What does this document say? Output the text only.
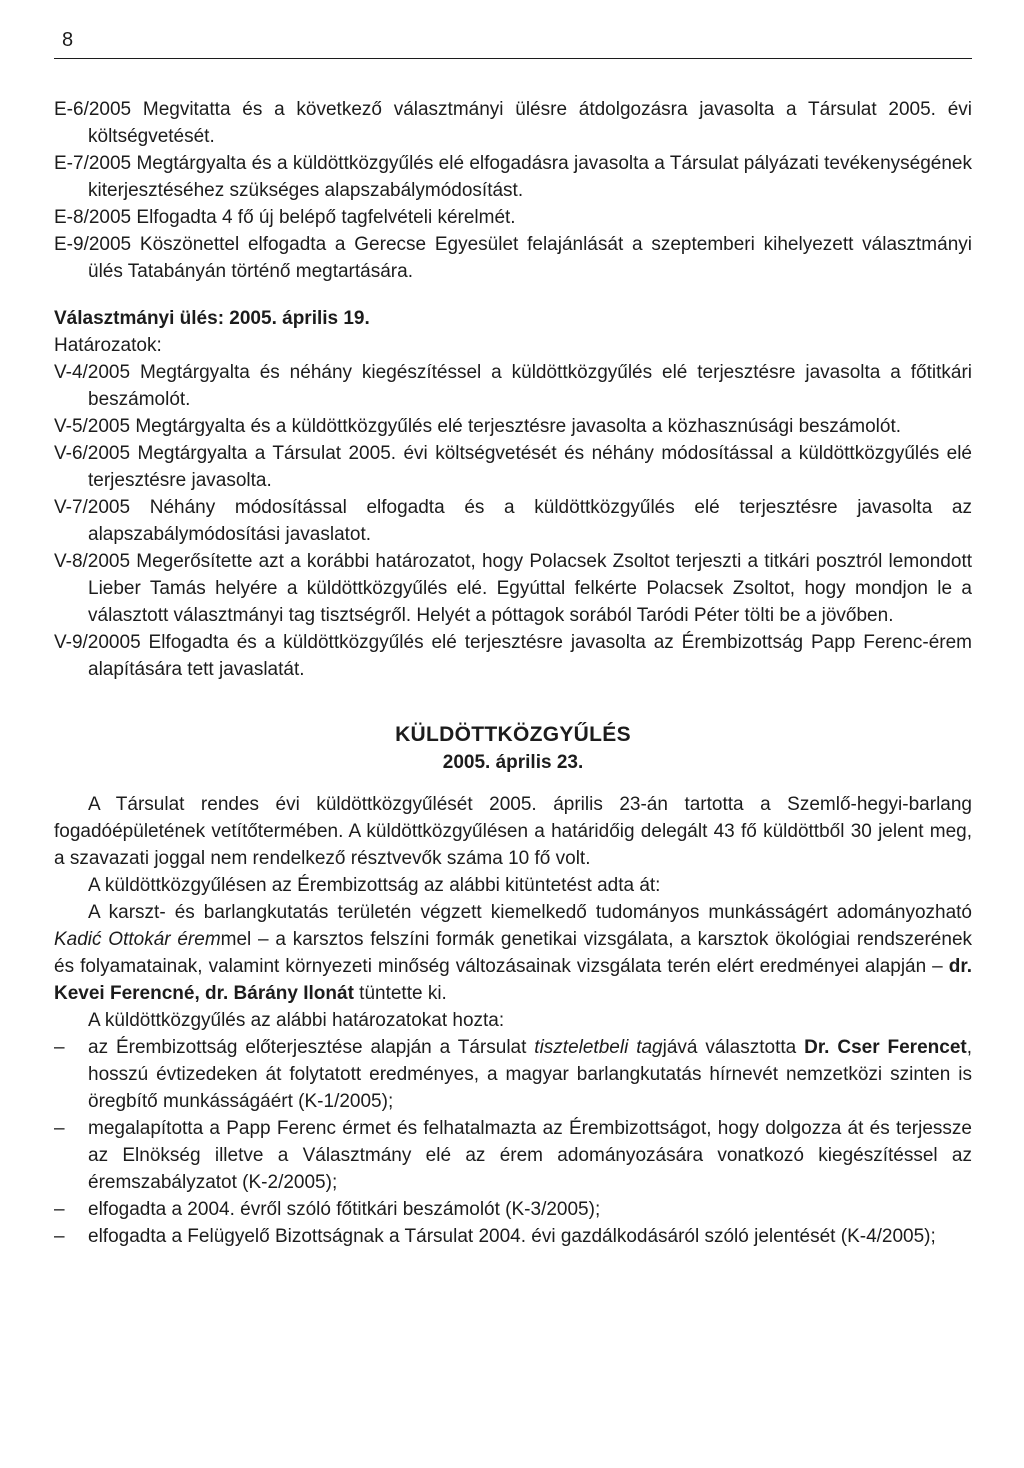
8
E-6/2005 Megvitatta és a következő választmányi ülésre átdolgozásra javasolta a Társulat 2005. évi költségvetését.
E-7/2005 Megtárgyalta és a küldöttközgyűlés elé elfogadásra javasolta a Társulat pályázati tevékenységének kiterjesztéséhez szükséges alapszabálymódosítást.
E-8/2005 Elfogadta 4 fő új belépő tagfelvételi kérelmét.
E-9/2005 Köszönettel elfogadta a Gerecse Egyesület felajánlását a szeptemberi kihelyezett választmányi ülés Tatabányán történő megtartására.
Választmányi ülés: 2005. április 19.
Határozatok:
V-4/2005 Megtárgyalta és néhány kiegészítéssel a küldöttközgyűlés elé terjesztésre javasolta a főtitkári beszámolót.
V-5/2005 Megtárgyalta és a küldöttközgyűlés elé terjesztésre javasolta a közhasznúsági beszámolót.
V-6/2005 Megtárgyalta a Társulat 2005. évi költségvetését és néhány módosítással a küldöttközgyűlés elé terjesztésre javasolta.
V-7/2005 Néhány módosítással elfogadta és a küldöttközgyűlés elé terjesztésre javasolta az alapszabálymódosítási javaslatot.
V-8/2005 Megerősítette azt a korábbi határozatot, hogy Polacsek Zsoltot terjeszti a titkári posztról lemondott Lieber Tamás helyére a küldöttközgyűlés elé. Egyúttal felkérte Polacsek Zsoltot, hogy mondjon le a választott választmányi tag tisztségről. Helyét a póttagok sorából Taródi Péter tölti be a jövőben.
V-9/20005 Elfogadta és a küldöttközgyűlés elé terjesztésre javasolta az Érembizottság Papp Ferenc-érem alapítására tett javaslatát.
KÜLDÖTTKÖZGYŰLÉS
2005. április 23.
A Társulat rendes évi küldöttközgyűlését 2005. április 23-án tartotta a Szemlő-hegyi-barlang fogadóépületének vetítőtermében. A küldöttközgyűlésen a határidőig delegált 43 fő küldöttből 30 jelent meg, a szavazati joggal nem rendelkező résztvevők száma 10 fő volt.
A küldöttközgyűlésen az Érembizottság az alábbi kitüntetést adta át:
A karszt- és barlangkutatás területén végzett kiemelkedő tudományos munkásságért adományozható Kadić Ottokár éremmel – a karsztos felszíni formák genetikai vizsgálata, a karsztok ökológiai rendszerének és folyamatainak, valamint környezeti minőség változásainak vizsgálata terén elért eredményei alapján – dr. Kevei Ferencné, dr. Bárány Ilonát tüntette ki.
A küldöttközgyűlés az alábbi határozatokat hozta:
– az Érembizottság előterjesztése alapján a Társulat tiszteletbeli tagjává választotta Dr. Cser Ferencet, hosszú évtizedeken át folytatott eredményes, a magyar barlangkutatás hírnevét nemzetközi szinten is öregbítő munkásságáért (K-1/2005);
– megalapította a Papp Ferenc érmet és felhatalmazta az Érembizottságot, hogy dolgozza át és terjessze az Elnökség illetve a Választmány elé az érem adományozására vonatkozó kiegészítéssel az éremszabályzatot (K-2/2005);
– elfogadta a 2004. évről szóló főtitkári beszámolót (K-3/2005);
– elfogadta a Felügyelő Bizottságnak a Társulat 2004. évi gazdálkodásáról szóló jelentését (K-4/2005);
